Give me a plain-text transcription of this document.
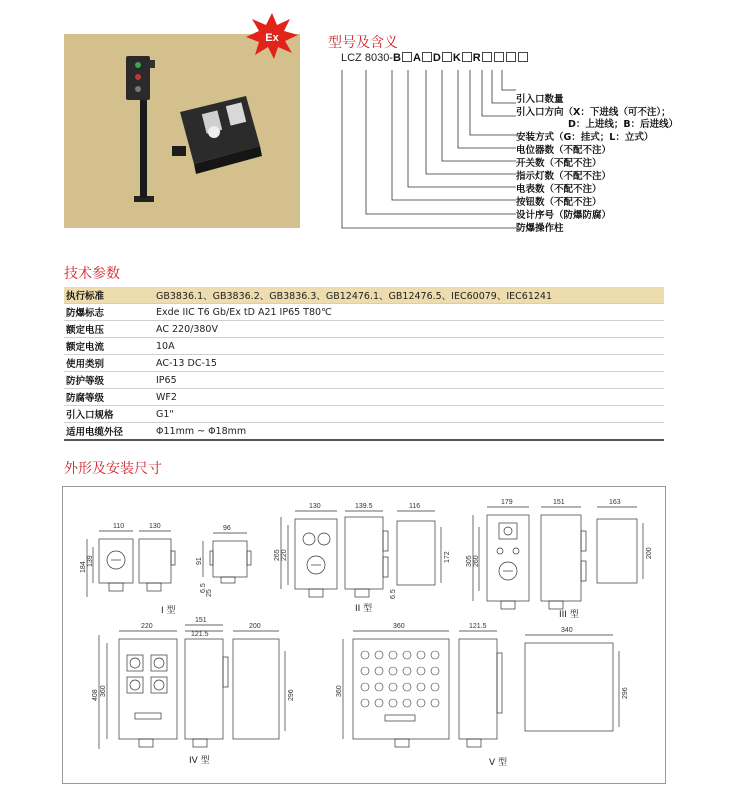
Ex	型号及含义
LCZ 8030-B A D K R
引入口数量
引入口方向（X：下进线（可不注）；
D：上进线；B：后进线）
安装方式（G：挂式；L：立式）
电位器数（不配不注）
开关数（不配不注）
指示灯数（不配不注）
电表数（不配不注）
按钮数（不配不注）
设计序号（防爆防腐）
防爆操作柱
技术参数
执行标准	GB3836.1、GB3836.2、GB3836.3、GB12476.1、GB12476.5、IEC60079、IEC61241
防爆标志	Exde IIC T6 Gb/Ex tD A21 IP65 T80℃
额定电压	AC 220/380V
额定电流	10A
使用类别	AC-13 DC-15
防护等级	IP65
防腐等级	WF2
引入口规格	G1"
适用电缆外径	Φ11mm ~ Φ18mm
外形及安装尺寸
110	130
184
139
96
91
6.5
25
I 型
130	139.5	116
265 220	172
6.5
II 型
179	151	163
305 260
200
III 型
220
151
121.5
200
408 360	296
IV 型
360	121.5
340
360	296
V 型
